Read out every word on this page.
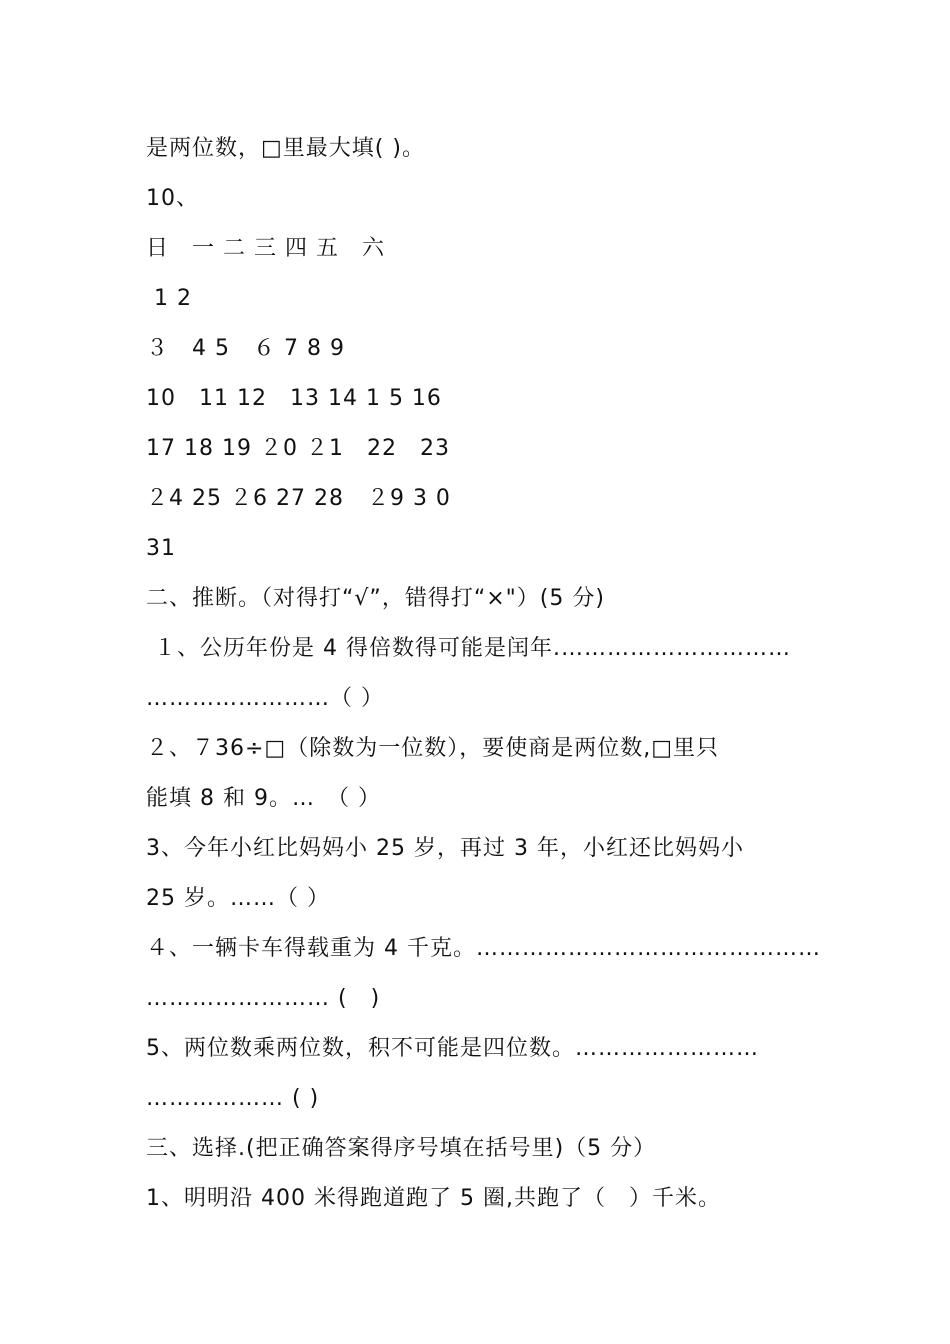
是两位数，□里最大填( )。
10、
日　一 二 三 四 五　六
1 2
３　4 5　６ 7 8 9
10　11 12　13 14 1 5 16
17 18 19 ２0 ２1　22　23
２4 25 ２6 27 28　２9 3 0
31
二、推断。（对得打“√”，错得打“×"）(5 分)
１、公历年份是 4 得倍数得可能是闰年.…………………………
……………………（ ）
２、７36÷□（除数为一位数），要使商是两位数,□里只
能填 8 和 9。…　（ ）
3、今年小红比妈妈小 25 岁，再过 3 年，小红还比妈妈小
25 岁。……（ ）
４、一辆卡车得载重为 4 千克。………………………………………
…………………… (　)
5、两位数乘两位数，积不可能是四位数。……………………
……………… ( )
三、选择.(把正确答案得序号填在括号里)（5 分）
1、明明沿 400 米得跑道跑了 5 圈,共跑了（　）千米。
